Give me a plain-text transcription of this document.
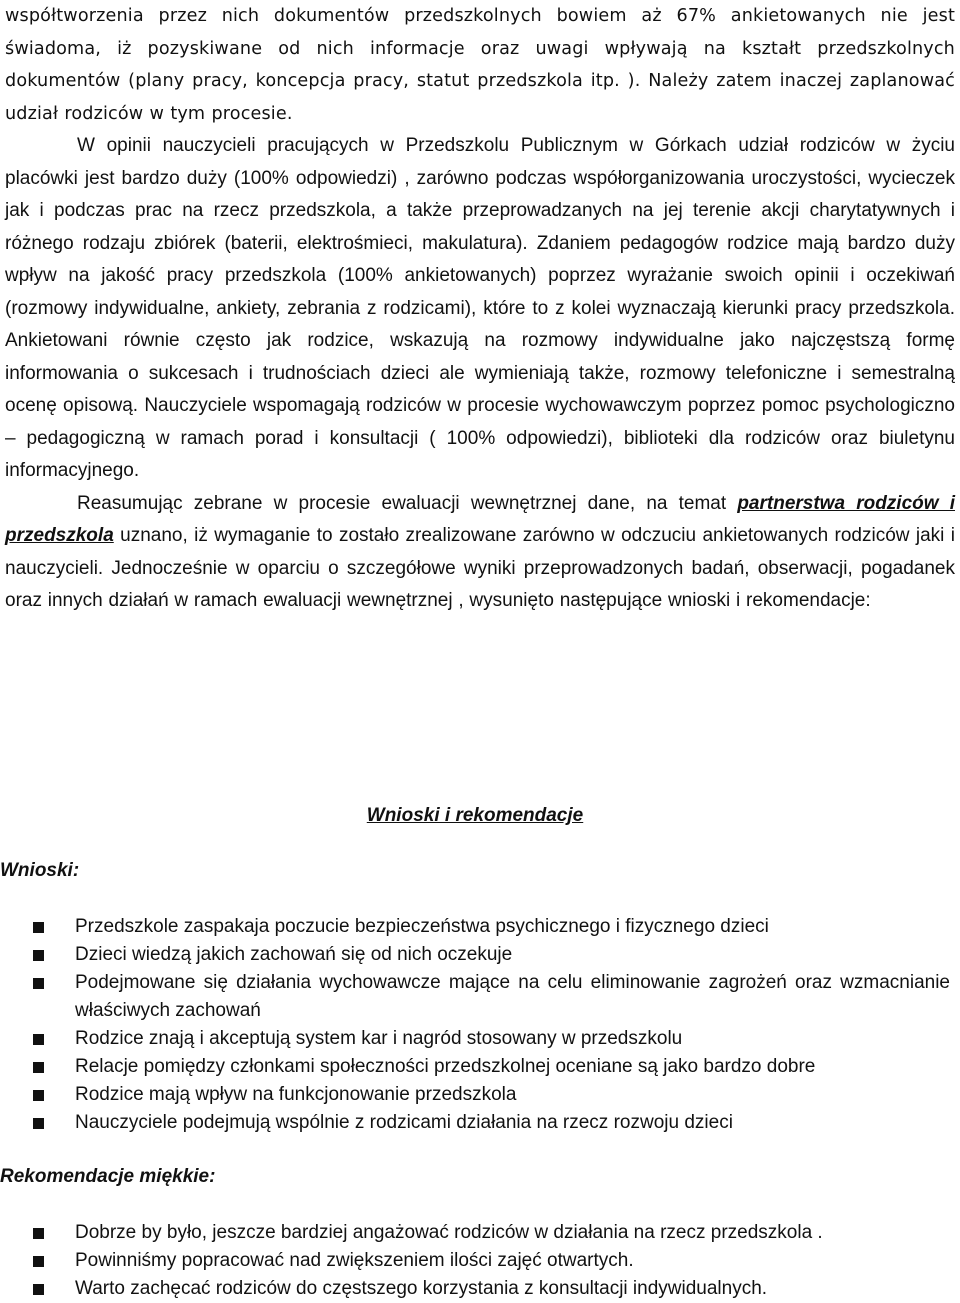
współtworzenia przez nich dokumentów przedszkolnych bowiem aż 67% ankietowanych nie jest świadoma, iż pozyskiwane od nich informacje oraz uwagi wpływają na kształt przedszkolnych dokumentów (plany pracy, koncepcja pracy, statut przedszkola itp. ). Należy zatem inaczej zaplanować udział rodziców w tym procesie.

W opinii nauczycieli pracujących w Przedszkolu Publicznym w Górkach udział rodziców w życiu placówki jest bardzo duży (100% odpowiedzi) , zarówno podczas współorganizowania uroczystości, wycieczek jak i podczas prac na rzecz przedszkola, a także przeprowadzanych na jej terenie akcji charytatywnych i różnego rodzaju zbiórek (baterii, elektrośmieci, makulatura). Zdaniem pedagogów rodzice mają bardzo duży wpływ na jakość pracy przedszkola (100% ankietowanych) poprzez wyrażanie swoich opinii i oczekiwań (rozmowy indywidualne, ankiety, zebrania z rodzicami), które to z kolei wyznaczają kierunki pracy przedszkola. Ankietowani równie często jak rodzice, wskazują na rozmowy indywidualne jako najczęstszą formę informowania o sukcesach i trudnościach dzieci ale wymieniają także, rozmowy telefoniczne i semestralną ocenę opisową. Nauczyciele wspomagają rodziców w procesie wychowawczym poprzez pomoc psychologiczno – pedagogiczną w ramach porad i konsultacji ( 100% odpowiedzi), biblioteki dla rodziców oraz biuletynu informacyjnego.

Reasumując zebrane w procesie ewaluacji wewnętrznej dane, na temat partnerstwa rodziców i przedszkola uznano, iż wymaganie to zostało zrealizowane zarówno w odczuciu ankietowanych rodziców jaki i nauczycieli. Jednocześnie w oparciu o szczegółowe wyniki przeprowadzonych badań, obserwacji, pogadanek oraz innych działań w ramach ewaluacji wewnętrznej , wysunięto następujące wnioski i rekomendacje:

Wnioski i rekomendacje
Wnioski:
Przedszkole zaspakaja poczucie bezpieczeństwa psychicznego i fizycznego dzieci
Dzieci wiedzą jakich zachowań się od nich oczekuje
Podejmowane się działania wychowawcze mające na celu eliminowanie zagrożeń oraz wzmacnianie właściwych zachowań
Rodzice znają i akceptują system kar i nagród stosowany w przedszkolu
Relacje pomiędzy członkami społeczności przedszkolnej oceniane są jako bardzo dobre
Rodzice mają wpływ na funkcjonowanie przedszkola
Nauczyciele podejmują wspólnie z rodzicami działania na rzecz rozwoju dzieci
Rekomendacje miękkie:
Dobrze by było, jeszcze bardziej angażować rodziców w działania na rzecz przedszkola .
Powinniśmy popracować nad zwiększeniem ilości zajęć otwartych.
Warto zachęcać rodziców do częstszego korzystania z konsultacji indywidualnych.
